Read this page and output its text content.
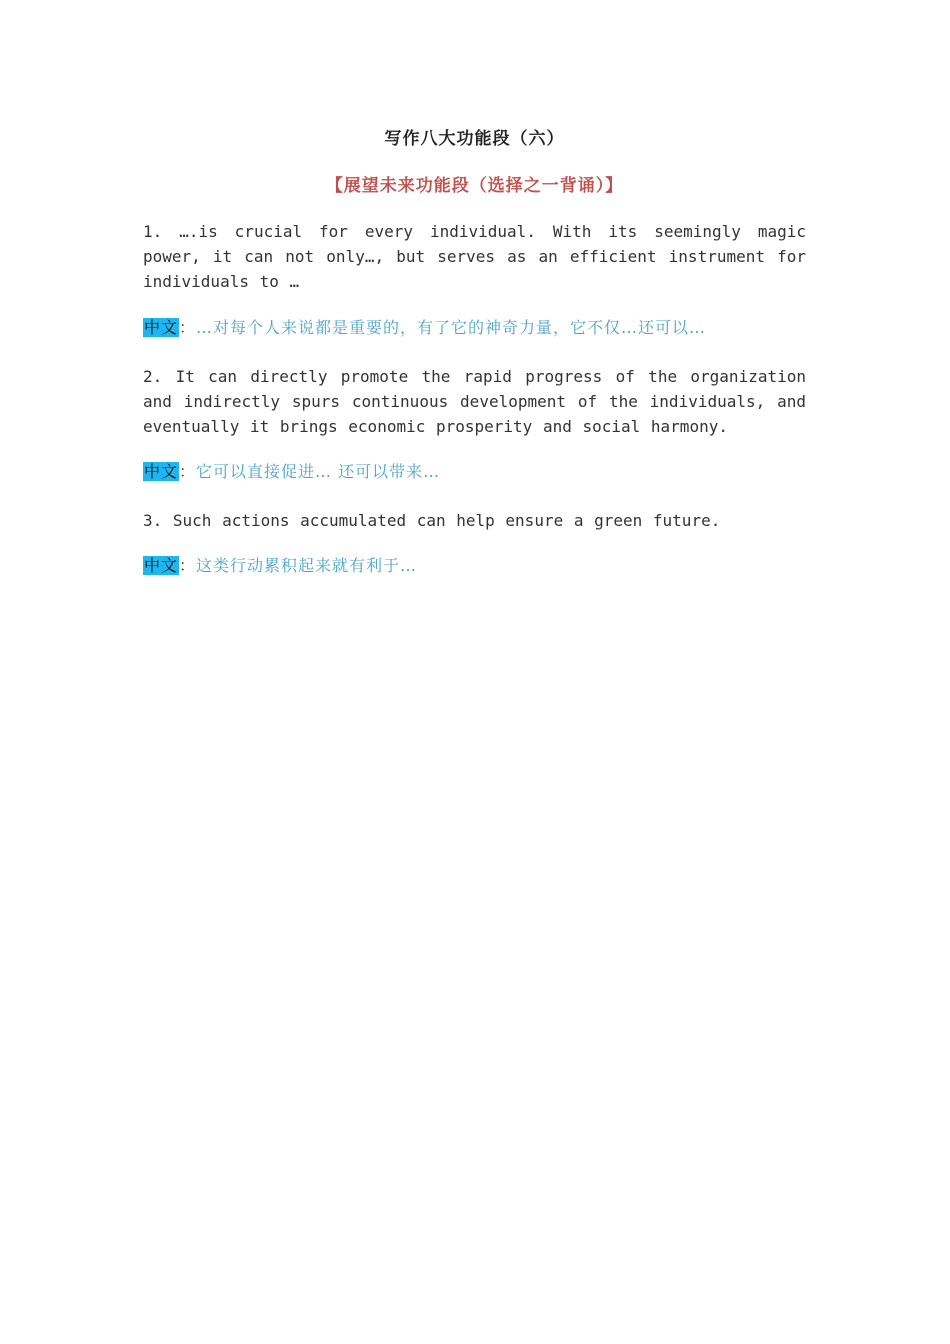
写作八大功能段（六）
【展望未来功能段（选择之一背诵）】
1. ….is crucial for every individual. With its seemingly magic power, it can not only…, but serves as an efficient instrument for individuals to …
中文：…对每个人来说都是重要的，有了它的神奇力量，它不仅…还可以…
2. It can directly promote the rapid progress of the organization and indirectly spurs continuous development of the individuals, and eventually it brings economic prosperity and social harmony.
中文：它可以直接促进… 还可以带来…
3. Such actions accumulated can help ensure a green future.
中文：这类行动累积起来就有利于…
